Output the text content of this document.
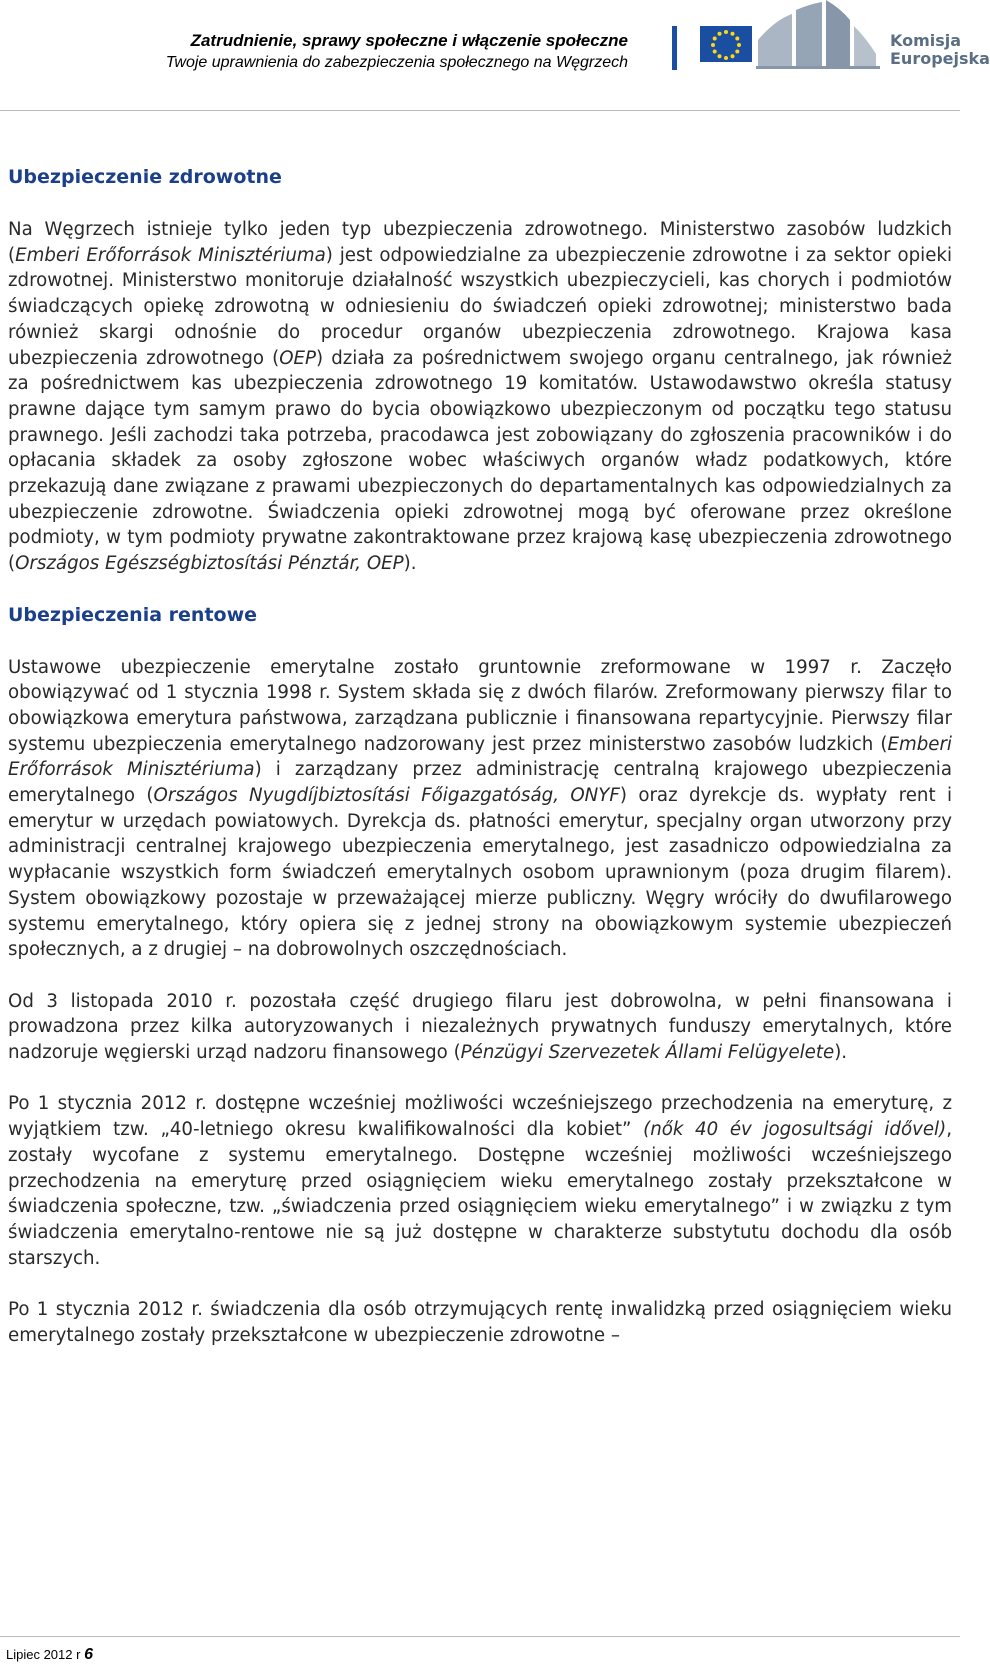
Zatrudnienie, sprawy społeczne i włączenie społeczne
Twoje uprawnienia do zabezpieczenia społecznego na Węgrzech
Komisja
Europejska
Ubezpieczenie zdrowotne

Na Węgrzech istnieje tylko jeden typ ubezpieczenia zdrowotnego. Ministerstwo zasobów ludzkich (Emberi Erőforrások Minisztériuma) jest odpowiedzialne za ubezpieczenie zdrowotne i za sektor opieki zdrowotnej. Ministerstwo monitoruje działalność wszystkich ubezpieczycieli, kas chorych i podmiotów świadczących opiekę zdrowotną w odniesieniu do świadczeń opieki zdrowotnej; ministerstwo bada również skargi odnośnie do procedur organów ubezpieczenia zdrowotnego. Krajowa kasa ubezpieczenia zdrowotnego (OEP) działa za pośrednictwem swojego organu centralnego, jak również za pośrednictwem kas ubezpieczenia zdrowotnego 19 komitatów. Ustawodawstwo określa statusy prawne dające tym samym prawo do bycia obowiązkowo ubezpieczonym od początku tego statusu prawnego. Jeśli zachodzi taka potrzeba, pracodawca jest zobowiązany do zgłoszenia pracowników i do opłacania składek za osoby zgłoszone wobec właściwych organów władz podatkowych, które przekazują dane związane z prawami ubezpieczonych do departamentalnych kas odpowiedzialnych za ubezpieczenie zdrowotne. Świadczenia opieki zdrowotnej mogą być oferowane przez określone podmioty, w tym podmioty prywatne zakontraktowane przez krajową kasę ubezpieczenia zdrowotnego (Országos Egészségbiztosítási Pénztár, OEP).

Ubezpieczenia rentowe

Ustawowe ubezpieczenie emerytalne zostało gruntownie zreformowane w 1997 r. Zaczęło obowiązywać od 1 stycznia 1998 r. System składa się z dwóch filarów. Zreformowany pierwszy filar to obowiązkowa emerytura państwowa, zarządzana publicznie i finansowana repartycyjnie. Pierwszy filar systemu ubezpieczenia emerytalnego nadzorowany jest przez ministerstwo zasobów ludzkich (Emberi Erőforrások Minisztériuma) i zarządzany przez administrację centralną krajowego ubezpieczenia emerytalnego (Országos Nyugdíjbiztosítási Főigazgatóság, ONYF) oraz dyrekcje ds. wypłaty rent i emerytur w urzędach powiatowych. Dyrekcja ds. płatności emerytur, specjalny organ utworzony przy administracji centralnej krajowego ubezpieczenia emerytalnego, jest zasadniczo odpowiedzialna za wypłacanie wszystkich form świadczeń emerytalnych osobom uprawnionym (poza drugim filarem). System obowiązkowy pozostaje w przeważającej mierze publiczny. Węgry wróciły do dwufilarowego systemu emerytalnego, który opiera się z jednej strony na obowiązkowym systemie ubezpieczeń społecznych, a z drugiej – na dobrowolnych oszczędnościach.

Od 3 listopada 2010 r. pozostała część drugiego filaru jest dobrowolna, w pełni finansowana i prowadzona przez kilka autoryzowanych i niezależnych prywatnych funduszy emerytalnych, które nadzoruje węgierski urząd nadzoru finansowego (Pénzügyi Szervezetek Állami Felügyelete).

Po 1 stycznia 2012 r. dostępne wcześniej możliwości wcześniejszego przechodzenia na emeryturę, z wyjątkiem tzw. „40-letniego okresu kwalifikowalności dla kobiet” (nők 40 év jogosultsági idővel), zostały wycofane z systemu emerytalnego. Dostępne wcześniej możliwości wcześniejszego przechodzenia na emeryturę przed osiągnięciem wieku emerytalnego zostały przekształcone w świadczenia społeczne, tzw. „świadczenia przed osiągnięciem wieku emerytalnego” i w związku z tym świadczenia emerytalno-rentowe nie są już dostępne w charakterze substytutu dochodu dla osób starszych.

Po 1 stycznia 2012 r. świadczenia dla osób otrzymujących rentę inwalidzką przed osiągnięciem wieku emerytalnego zostały przekształcone w ubezpieczenie zdrowotne –

Lipiec 2012 r 6
